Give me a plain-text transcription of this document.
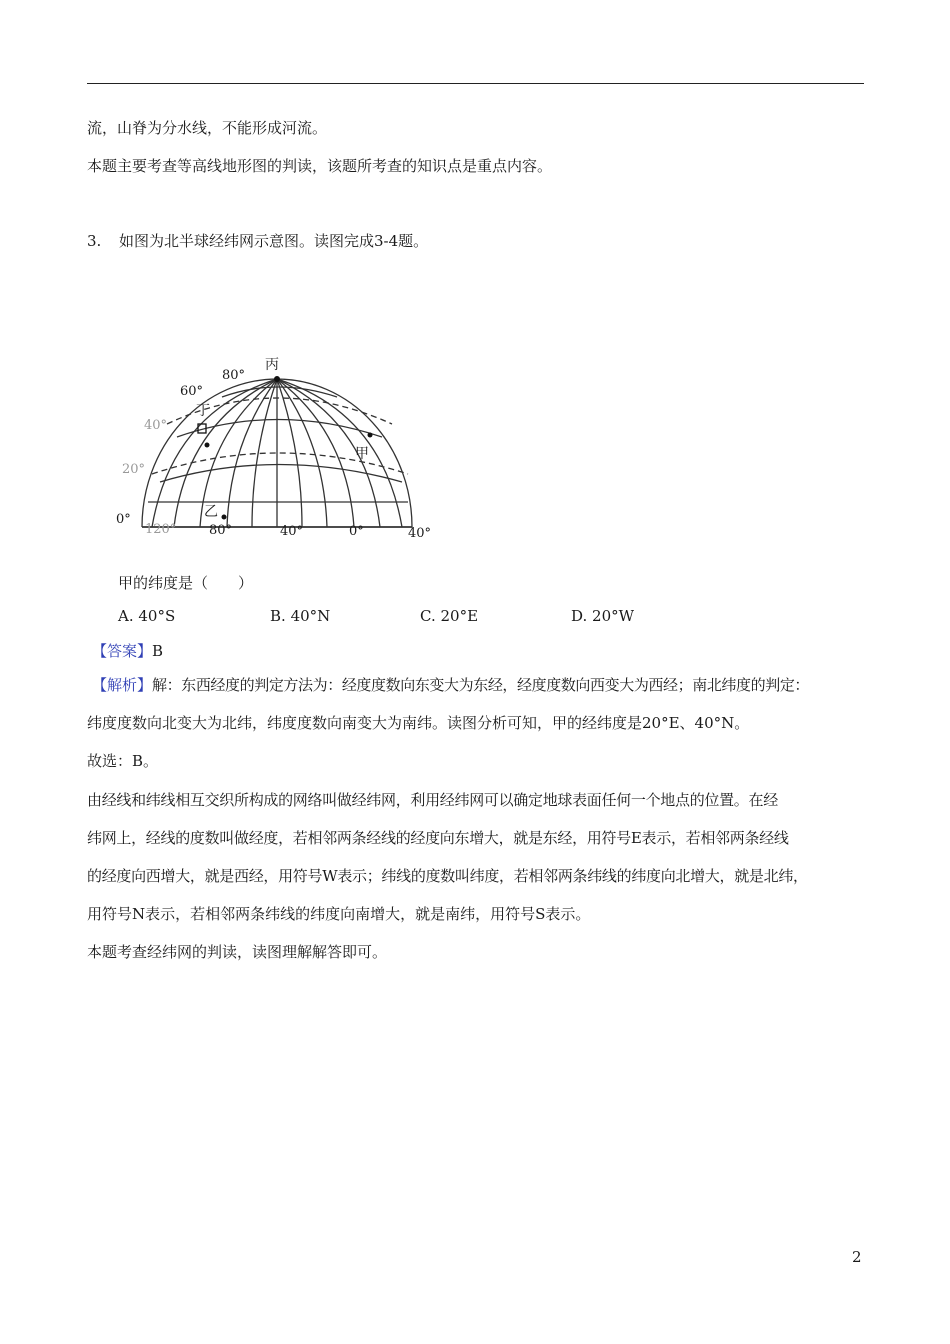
流，山脊为分水线，不能形成河流。
本题主要考查等高线地形图的判读，该题所考查的知识点是重点内容。
3. 如图为北半球经纬网示意图。读图完成3-4题。
丙
丁
甲
乙
80°
60°
40°
20°
0°
120°	80°	40°	0°	40°
甲的纬度是（　　）
A. 40°S	B. 40°N	C. 20°E	D. 20°W
【答案】B
【解析】解：东西经度的判定方法为：经度度数向东变大为东经，经度度数向西变大为西经；南北纬度的判定：
纬度度数向北变大为北纬，纬度度数向南变大为南纬。读图分析可知，甲的经纬度是20°E、40°N。
故选：B。
由经线和纬线相互交织所构成的网络叫做经纬网，利用经纬网可以确定地球表面任何一个地点的位置。在经
纬网上，经线的度数叫做经度，若相邻两条经线的经度向东增大，就是东经，用符号E表示，若相邻两条经线
的经度向西增大，就是西经，用符号W表示；纬线的度数叫纬度，若相邻两条纬线的纬度向北增大，就是北纬，
用符号N表示，若相邻两条纬线的纬度向南增大，就是南纬，用符号S表示。
本题考查经纬网的判读，读图理解解答即可。
2
